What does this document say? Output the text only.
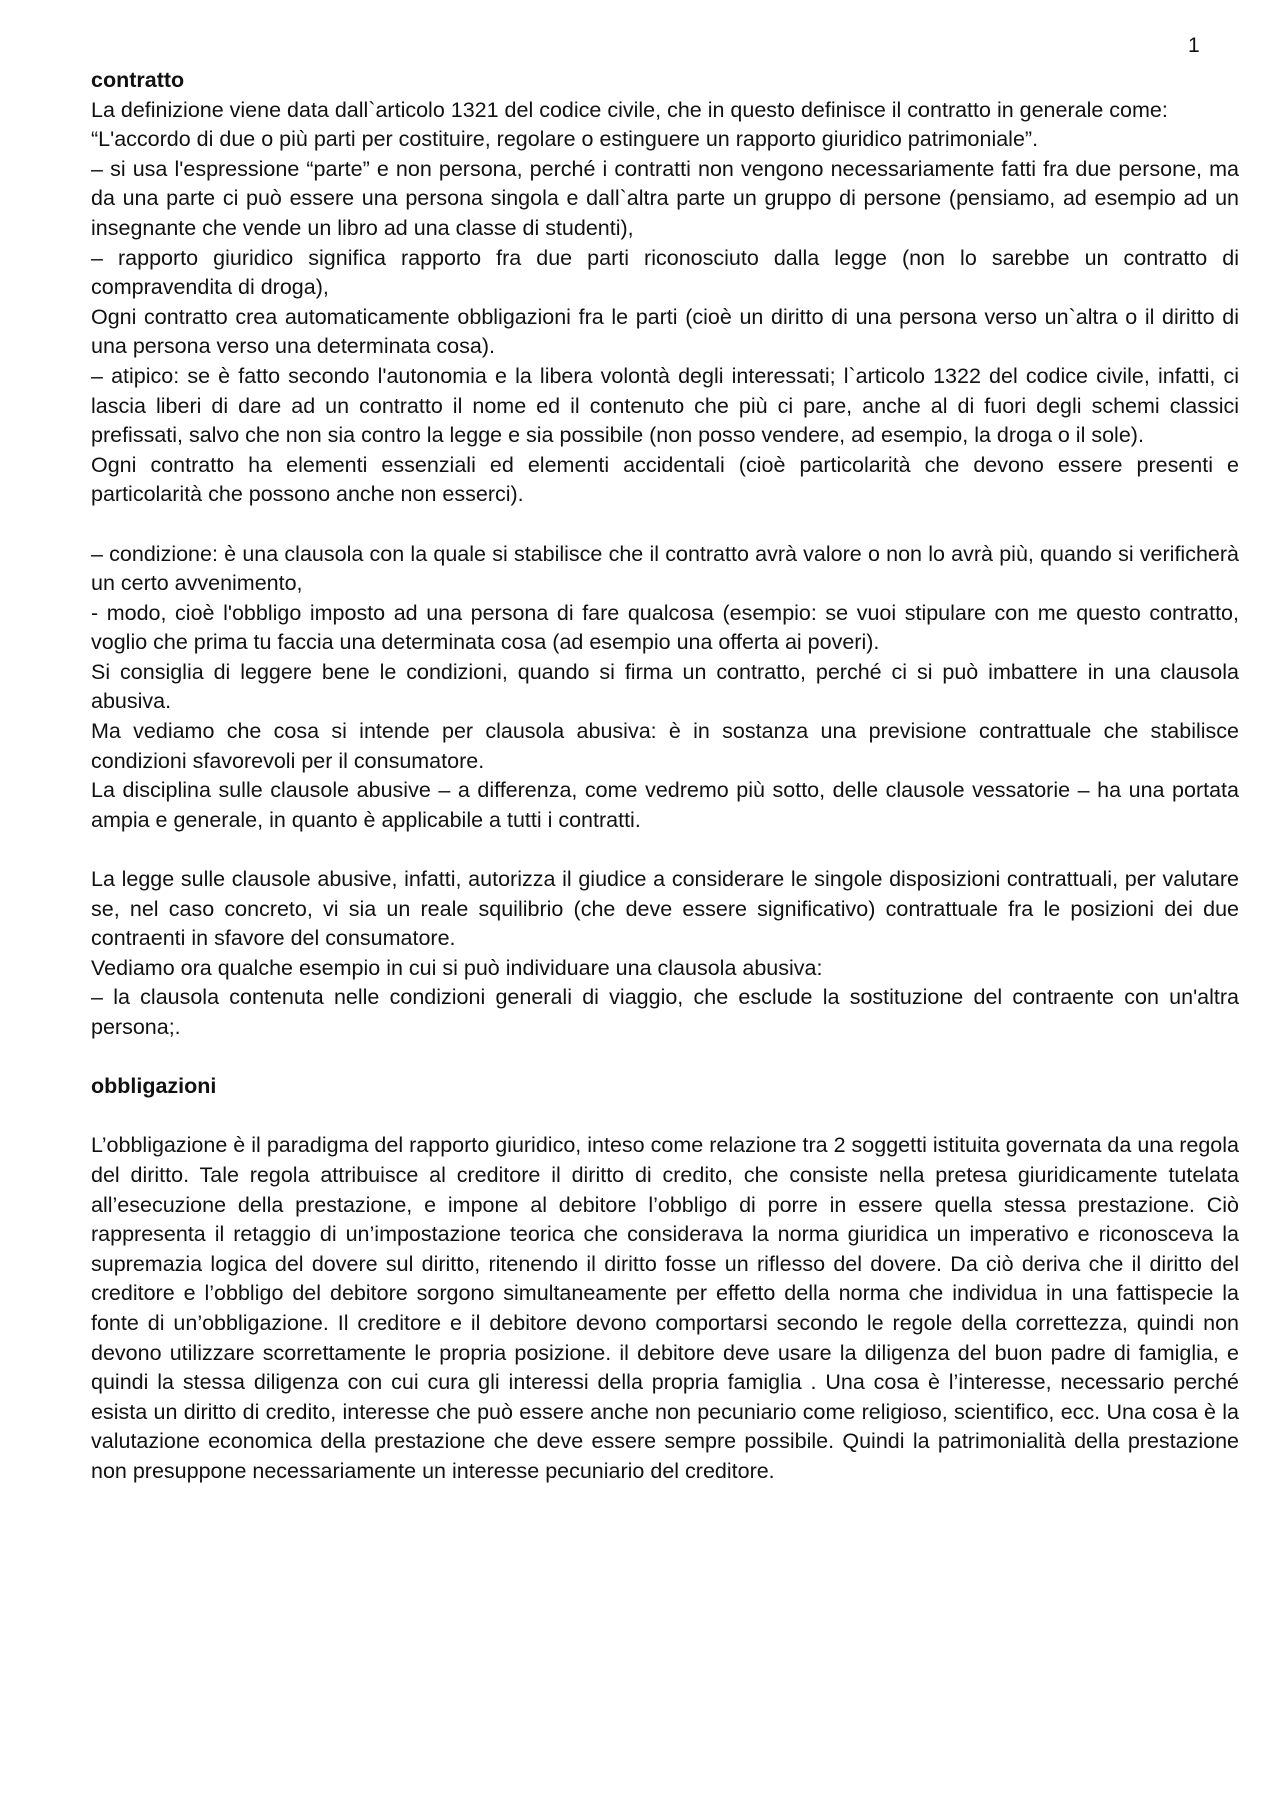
1

contratto

La definizione viene data dall`articolo 1321 del codice civile, che in questo definisce il contratto in generale come:

“L'accordo di due o più parti per costituire, regolare o estinguere un rapporto giuridico patrimoniale”.

– si usa l'espressione “parte” e non persona, perché i contratti non vengono necessariamente fatti fra due persone, ma da una parte ci può essere una persona singola e dall`altra parte un gruppo di persone (pensiamo, ad esempio ad un insegnante che vende un libro ad una classe di studenti),

– rapporto giuridico significa rapporto fra due parti riconosciuto dalla legge (non lo sarebbe un contratto di compravendita di droga),

Ogni contratto crea automaticamente obbligazioni fra le parti (cioè un diritto di una persona verso un`altra o il diritto di una persona verso una determinata cosa).

– atipico: se è fatto secondo l'autonomia e la libera volontà degli interessati; l`articolo 1322 del codice civile, infatti, ci lascia liberi di dare ad un contratto il nome ed il contenuto che più ci pare, anche al di fuori degli schemi classici prefissati, salvo che non sia contro la legge e sia possibile (non posso vendere, ad esempio, la droga o il sole).

Ogni contratto ha elementi essenziali ed elementi accidentali (cioè particolarità che devono essere presenti e particolarità che possono anche non esserci).

– condizione: è una clausola con la quale si stabilisce che il contratto avrà valore o non lo avrà più, quando si verificherà un certo avvenimento,

- modo, cioè l'obbligo imposto ad una persona di fare qualcosa (esempio: se vuoi stipulare con me questo contratto, voglio che prima tu faccia una determinata cosa (ad esempio una offerta ai poveri).

Si consiglia di leggere bene le condizioni, quando si firma un contratto, perché ci si può imbattere in una clausola abusiva.

Ma vediamo che cosa si intende per clausola abusiva: è in sostanza una previsione contrattuale che stabilisce condizioni sfavorevoli per il consumatore.

La disciplina sulle clausole abusive – a differenza, come vedremo più sotto, delle clausole vessatorie – ha una portata ampia e generale, in quanto è applicabile a tutti i contratti.

La legge sulle clausole abusive, infatti, autorizza il giudice a considerare le singole disposizioni contrattuali, per valutare se, nel caso concreto, vi sia un reale squilibrio (che deve essere significativo) contrattuale fra le posizioni dei due contraenti in sfavore del consumatore.

Vediamo ora qualche esempio in cui si può individuare una clausola abusiva:

– la clausola contenuta nelle condizioni generali di viaggio, che esclude la sostituzione del contraente con un'altra persona;.

obbligazioni

L’obbligazione è il paradigma del rapporto giuridico, inteso come relazione tra 2 soggetti istituita governata da una regola del diritto. Tale regola attribuisce al creditore il diritto di credito, che consiste nella pretesa giuridicamente tutelata all’esecuzione della prestazione, e impone al debitore l’obbligo di porre in essere quella stessa prestazione. Ciò rappresenta il retaggio di un’impostazione teorica che considerava la norma giuridica un imperativo e riconosceva la supremazia logica del dovere sul diritto, ritenendo il diritto fosse un riflesso del dovere. Da ciò deriva che il diritto del creditore e l’obbligo del debitore sorgono simultaneamente per effetto della norma che individua in una fattispecie la fonte di un’obbligazione. Il creditore e il debitore devono comportarsi secondo le regole della correttezza, quindi non devono utilizzare scorrettamente le propria posizione. il debitore deve usare la diligenza del buon padre di famiglia, e quindi la stessa diligenza con cui cura gli interessi della propria famiglia . Una cosa è l’interesse, necessario perché esista un diritto di credito, interesse che può essere anche non pecuniario come religioso, scientifico, ecc. Una cosa è la valutazione economica della prestazione che deve essere sempre possibile. Quindi la patrimonialità della prestazione non presuppone necessariamente un interesse pecuniario del creditore.
